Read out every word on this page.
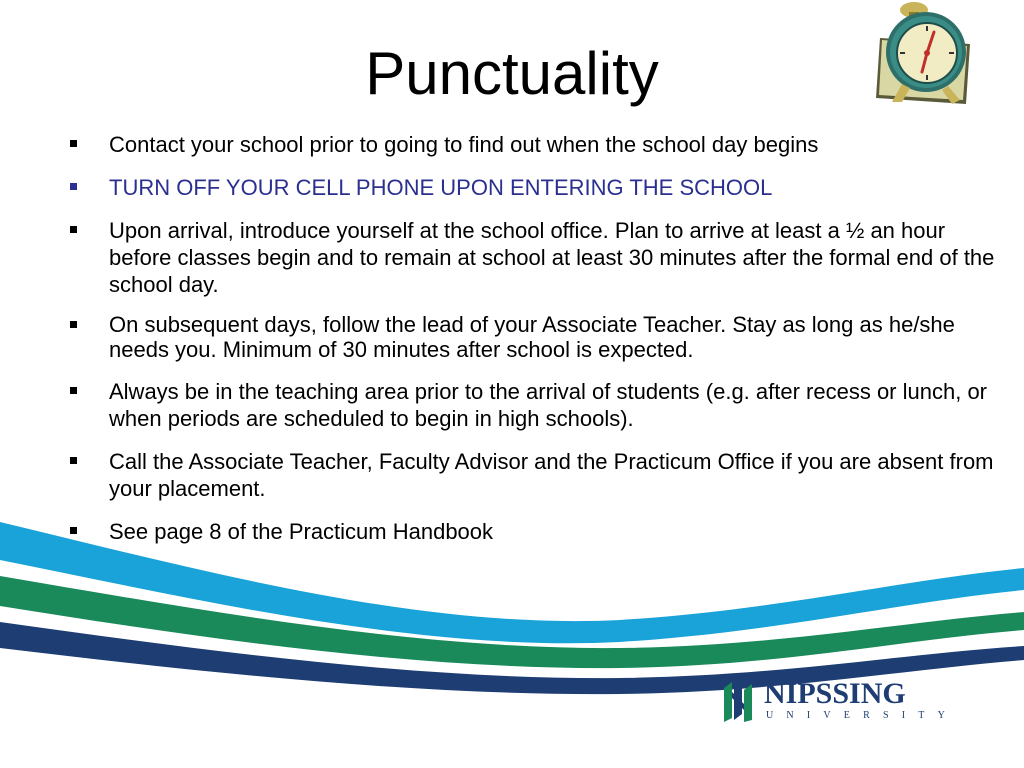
Punctuality
Contact your school prior to going to find out when the school day begins
TURN OFF YOUR CELL PHONE UPON ENTERING THE SCHOOL
Upon arrival, introduce yourself at the school office. Plan to arrive at least a ½ an hour before classes begin and to remain at school at least 30 minutes after the formal end of the school day.
On subsequent days, follow the lead of your Associate Teacher. Stay as long as he/she needs you. Minimum of 30 minutes after school is expected.
Always be in the teaching area prior to the arrival of students (e.g. after recess or lunch, or when periods are scheduled to begin in high schools).
Call the Associate Teacher, Faculty Advisor and the Practicum Office if you are absent from your placement.
See page 8 of the Practicum Handbook
NIPSSING
UNIVERSITY
